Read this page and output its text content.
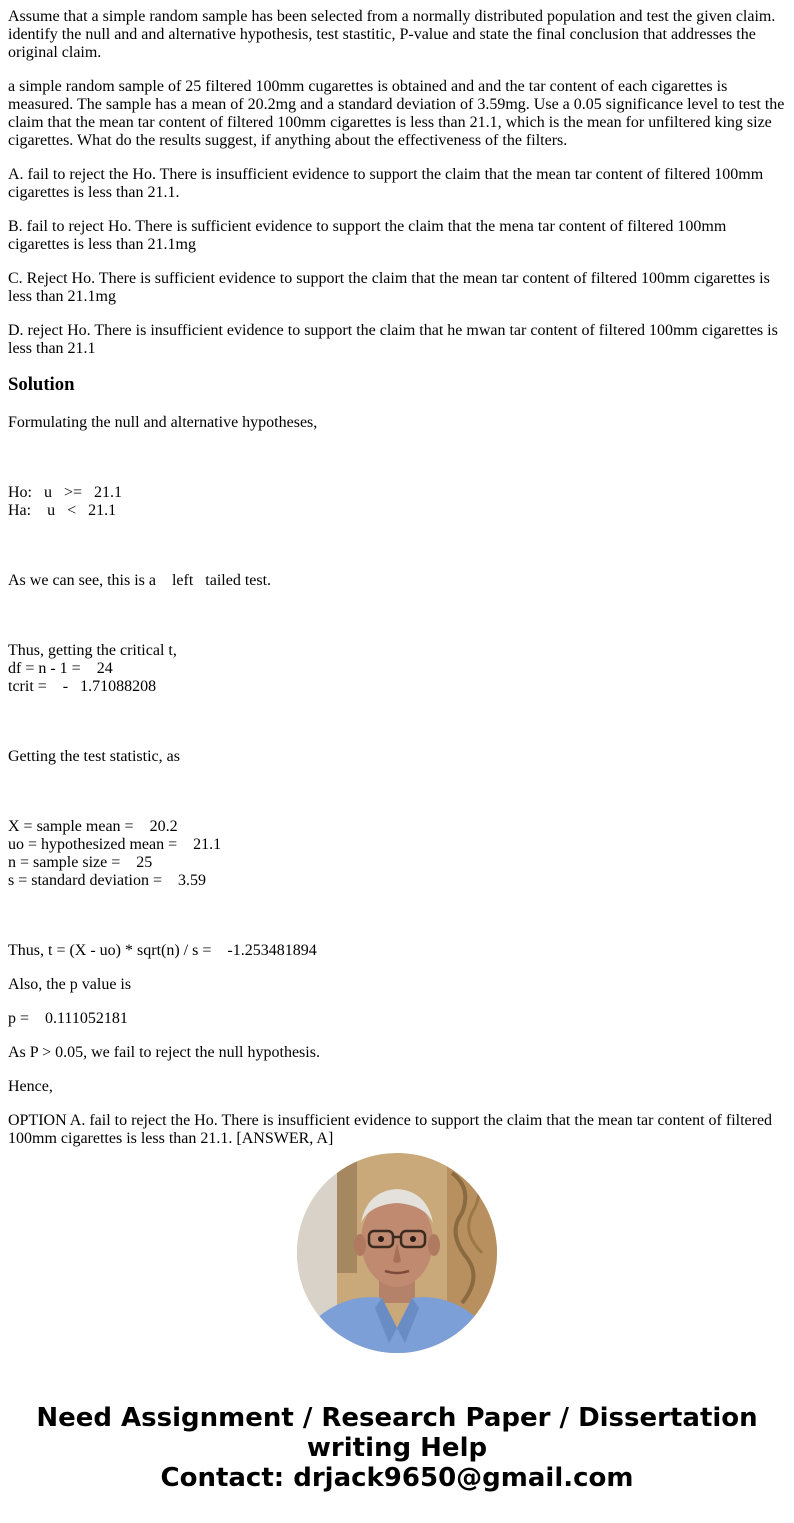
Assume that a simple random sample has been selected from a normally distributed population and test the given claim. identify the null and and alternative hypothesis, test stastitic, P-value and state the final conclusion that addresses the original claim.

a simple random sample of 25 filtered 100mm cugarettes is obtained and and the tar content of each cigarettes is measured. The sample has a mean of 20.2mg and a standard deviation of 3.59mg. Use a 0.05 significance level to test the claim that the mean tar content of filtered 100mm cigarettes is less than 21.1, which is the mean for unfiltered king size cigarettes. What do the results suggest, if anything about the effectiveness of the filters.

A. fail to reject the Ho. There is insufficient evidence to support the claim that the mean tar content of filtered 100mm cigarettes is less than 21.1.

B. fail to reject Ho. There is sufficient evidence to support the claim that the mena tar content of filtered 100mm cigarettes is less than 21.1mg

C. Reject Ho. There is sufficient evidence to support the claim that the mean tar content of filtered 100mm cigarettes is less than 21.1mg

D. reject Ho. There is insufficient evidence to support the claim that he mwan tar content of filtered 100mm cigarettes is less than 21.1

Solution

Formulating the null and alternative hypotheses,

Ho:   u   >=   21.1
Ha:    u   <   21.1

As we can see, this is a    left   tailed test.

Thus, getting the critical t,
df = n - 1 =    24
tcrit =    -   1.71088208

Getting the test statistic, as

X = sample mean =    20.2
uo = hypothesized mean =    21.1
n = sample size =    25
s = standard deviation =    3.59

Thus, t = (X - uo) * sqrt(n) / s =    -1.253481894

Also, the p value is

p =    0.111052181

As P > 0.05, we fail to reject the null hypothesis.

Hence,

OPTION A. fail to reject the Ho. There is insufficient evidence to support the claim that the mean tar content of filtered 100mm cigarettes is less than 21.1. [ANSWER, A]

Need Assignment / Research Paper / Dissertation
writing Help
Contact: drjack9650@gmail.com
